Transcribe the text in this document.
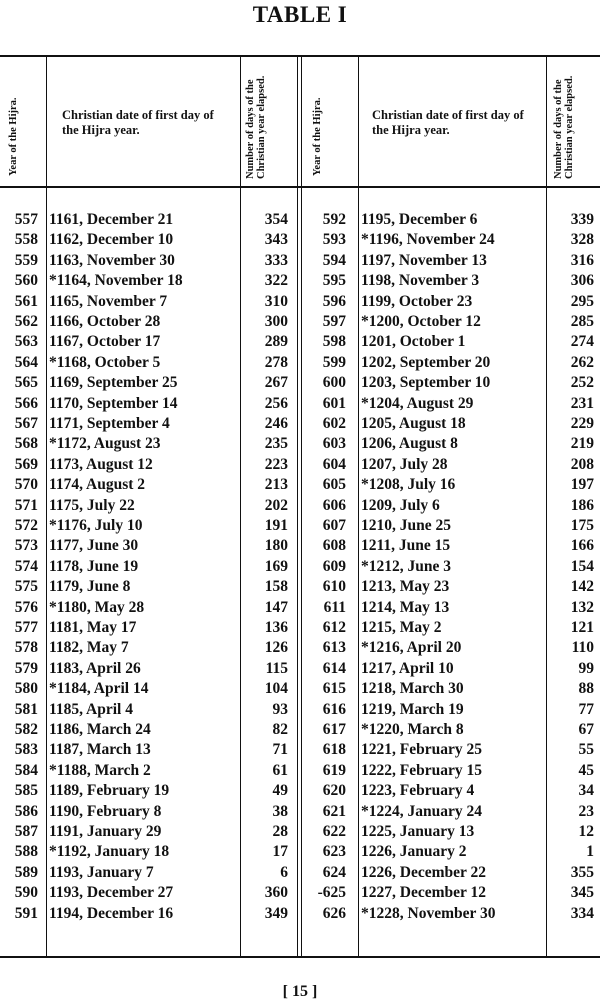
TABLE I
Year of the Hijra.	Christian date of first day of the Hijra year.	Number of days of the Christian year elapsed.	Year of the Hijra.	Christian date of first day of the Hijra year.	Number of days of the Christian year elapsed.
557 1161, December 21	354	592 1195, December 6	339
558 1162, December 10	343	593 *1196, November 24	328
559 1163, November 30	333	594 1197, November 13	316
560 *1164, November 18	322	595 1198, November 3	306
561 1165, November 7	310	596 1199, October 23	295
562 1166, October 28	300	597 *1200, October 12	285
563 1167, October 17	289	598 1201, October 1	274
564 *1168, October 5	278	599 1202, September 20	262
565 1169, September 25	267	600 1203, September 10	252
566 1170, September 14	256	601 *1204, August 29	231
567 1171, September 4	246	602 1205, August 18	229
568 *1172, August 23	235	603 1206, August 8	219
569 1173, August 12	223	604 1207, July 28	208
570 1174, August 2	213	605 *1208, July 16	197
571 1175, July 22	202	606 1209, July 6	186
572 *1176, July 10	191	607 1210, June 25	175
573 1177, June 30	180	608 1211, June 15	166
574 1178, June 19	169	609 *1212, June 3	154
575 1179, June 8	158	610 1213, May 23	142
576 *1180, May 28	147	611 1214, May 13	132
577 1181, May 17	136	612 1215, May 2	121
578 1182, May 7	126	613 *1216, April 20	110
579 1183, April 26	115	614 1217, April 10	99
580 *1184, April 14	104	615 1218, March 30	88
581 1185, April 4	93	616 1219, March 19	77
582 1186, March 24	82	617 *1220, March 8	67
583 1187, March 13	71	618 1221, February 25	55
584 *1188, March 2	61	619 1222, February 15	45
585 1189, February 19	49	620 1223, February 4	34
586 1190, February 8	38	621 *1224, January 24	23
587 1191, January 29	28	622 1225, January 13	12
588 *1192, January 18	17	623 1226, January 2	1
589 1193, January 7	6	624 1226, December 22	355
590 1193, December 27	360	-625 1227, December 12	345
591 1194, December 16	349	626 *1228, November 30	334
[ 15 ]
